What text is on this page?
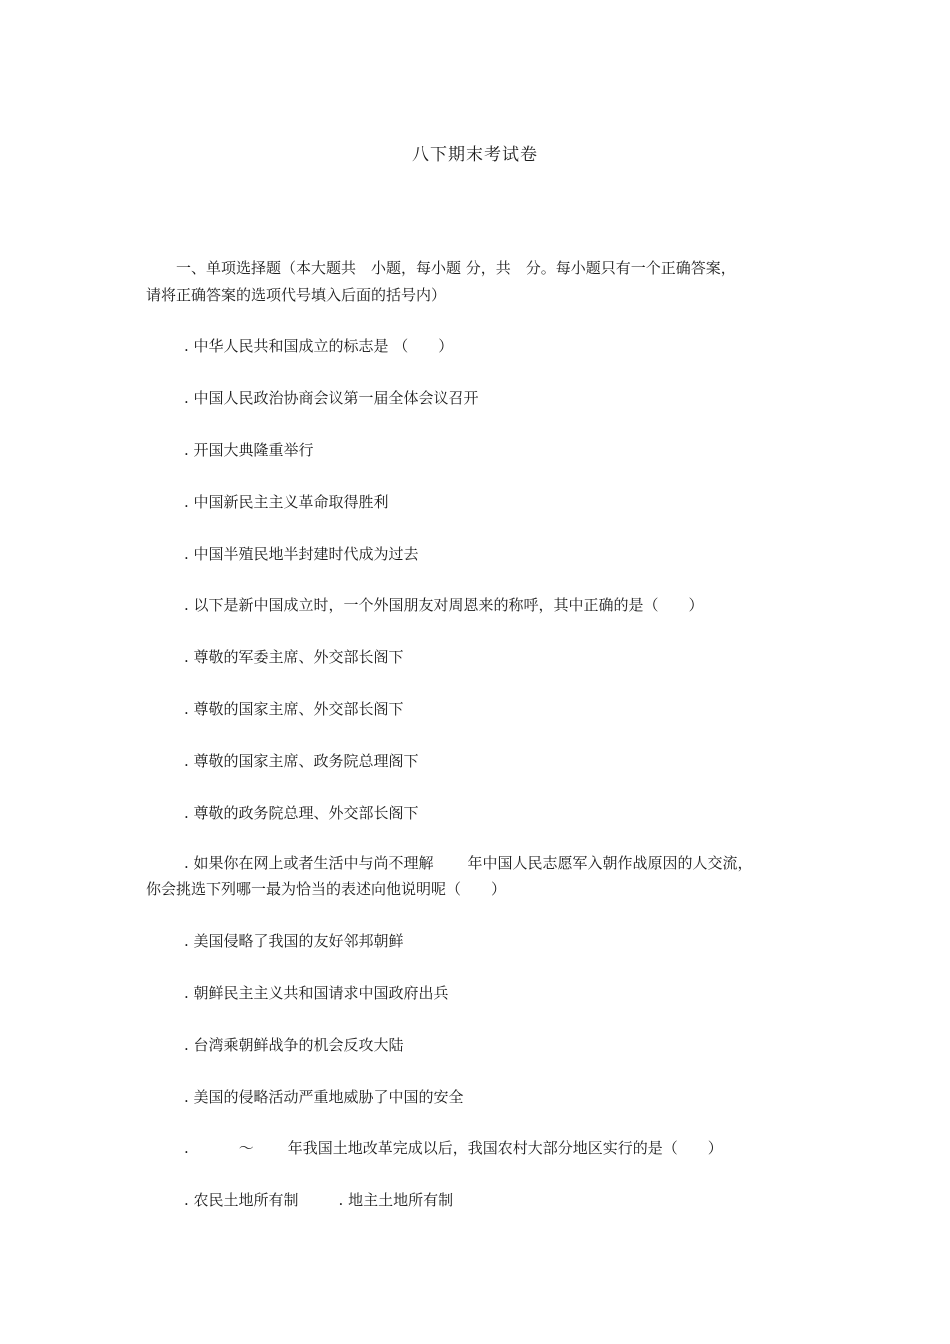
八下期末考试卷
一、单项选择题（本大题共　小题，每小题 分，共　分。每小题只有一个正确答案，
请将正确答案的选项代号填入后面的括号内）
. 中华人民共和国成立的标志是 （　　）
. 中国人民政治协商会议第一届全体会议召开
. 开国大典隆重举行
. 中国新民主主义革命取得胜利
. 中国半殖民地半封建时代成为过去
. 以下是新中国成立时，一个外国朋友对周恩来的称呼，其中正确的是（　　）
. 尊敬的军委主席、外交部长阁下
. 尊敬的国家主席、外交部长阁下
. 尊敬的国家主席、政务院总理阁下
. 尊敬的政务院总理、外交部长阁下
. 如果你在网上或者生活中与尚不理解 年中国人民志愿军入朝作战原因的人交流，
你会挑选下列哪一最为恰当的表述向他说明呢（　　）
. 美国侵略了我国的友好邻邦朝鲜
. 朝鲜民主主义共和国请求中国政府出兵
. 台湾乘朝鲜战争的机会反攻大陆
. 美国的侵略活动严重地威胁了中国的安全
.	～ 年我国土地改革完成以后，我国农村大部分地区实行的是（　　）
. 农民土地所有制	. 地主土地所有制
